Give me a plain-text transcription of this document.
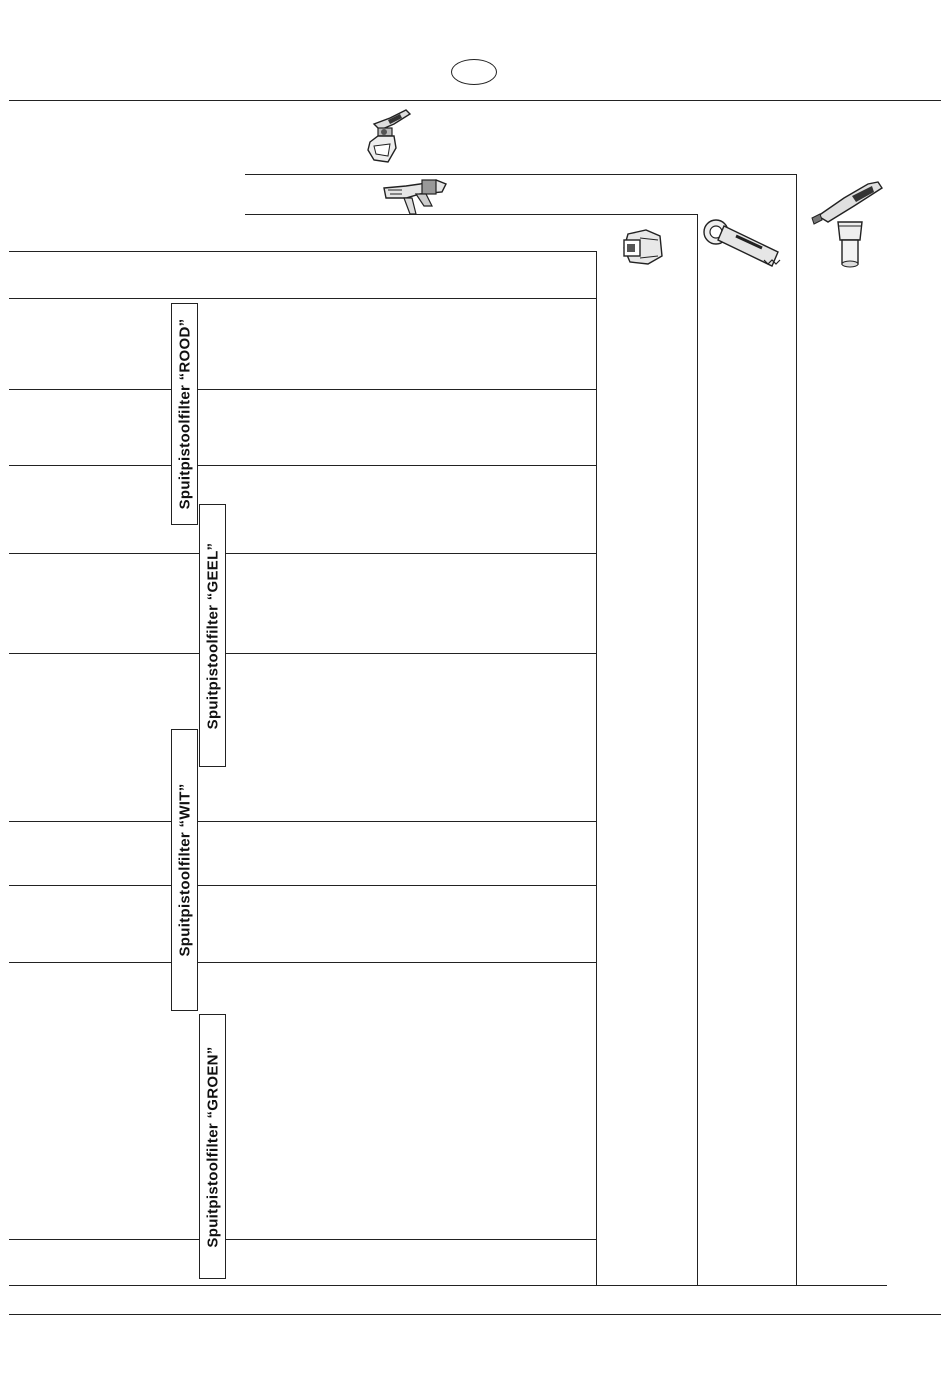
Spuitpistoolfilter “ROOD”
Spuitpistoolfilter “GEEL”
Spuitpistoolfilter “WIT”
Spuitpistoolfilter “GROEN”
